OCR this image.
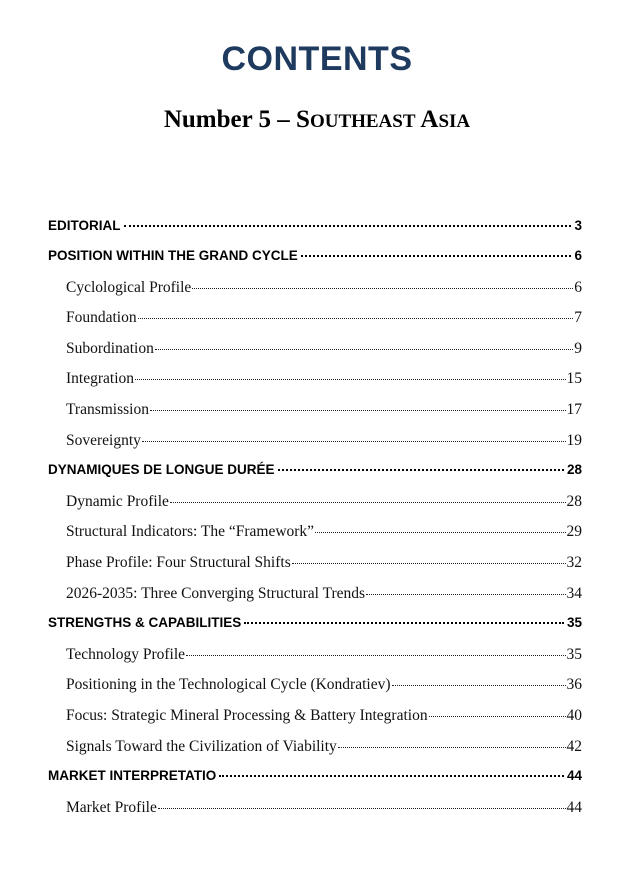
CONTENTS
Number 5 – SOUTHEAST ASIA
EDITORIAL	3
POSITION WITHIN THE GRAND CYCLE	6
Cyclological Profile	6
Foundation	7
Subordination	9
Integration	15
Transmission	17
Sovereignty	19
DYNAMIQUES DE LONGUE DURÉE	28
Dynamic Profile	28
Structural Indicators: The “Framework”	29
Phase Profile: Four Structural Shifts	32
2026-2035: Three Converging Structural Trends	34
STRENGTHS & CAPABILITIES	35
Technology Profile	35
Positioning in the Technological Cycle (Kondratiev)	36
Focus: Strategic Mineral Processing & Battery Integration	40
Signals Toward the Civilization of Viability	42
MARKET INTERPRETATIO	44
Market Profile	44
